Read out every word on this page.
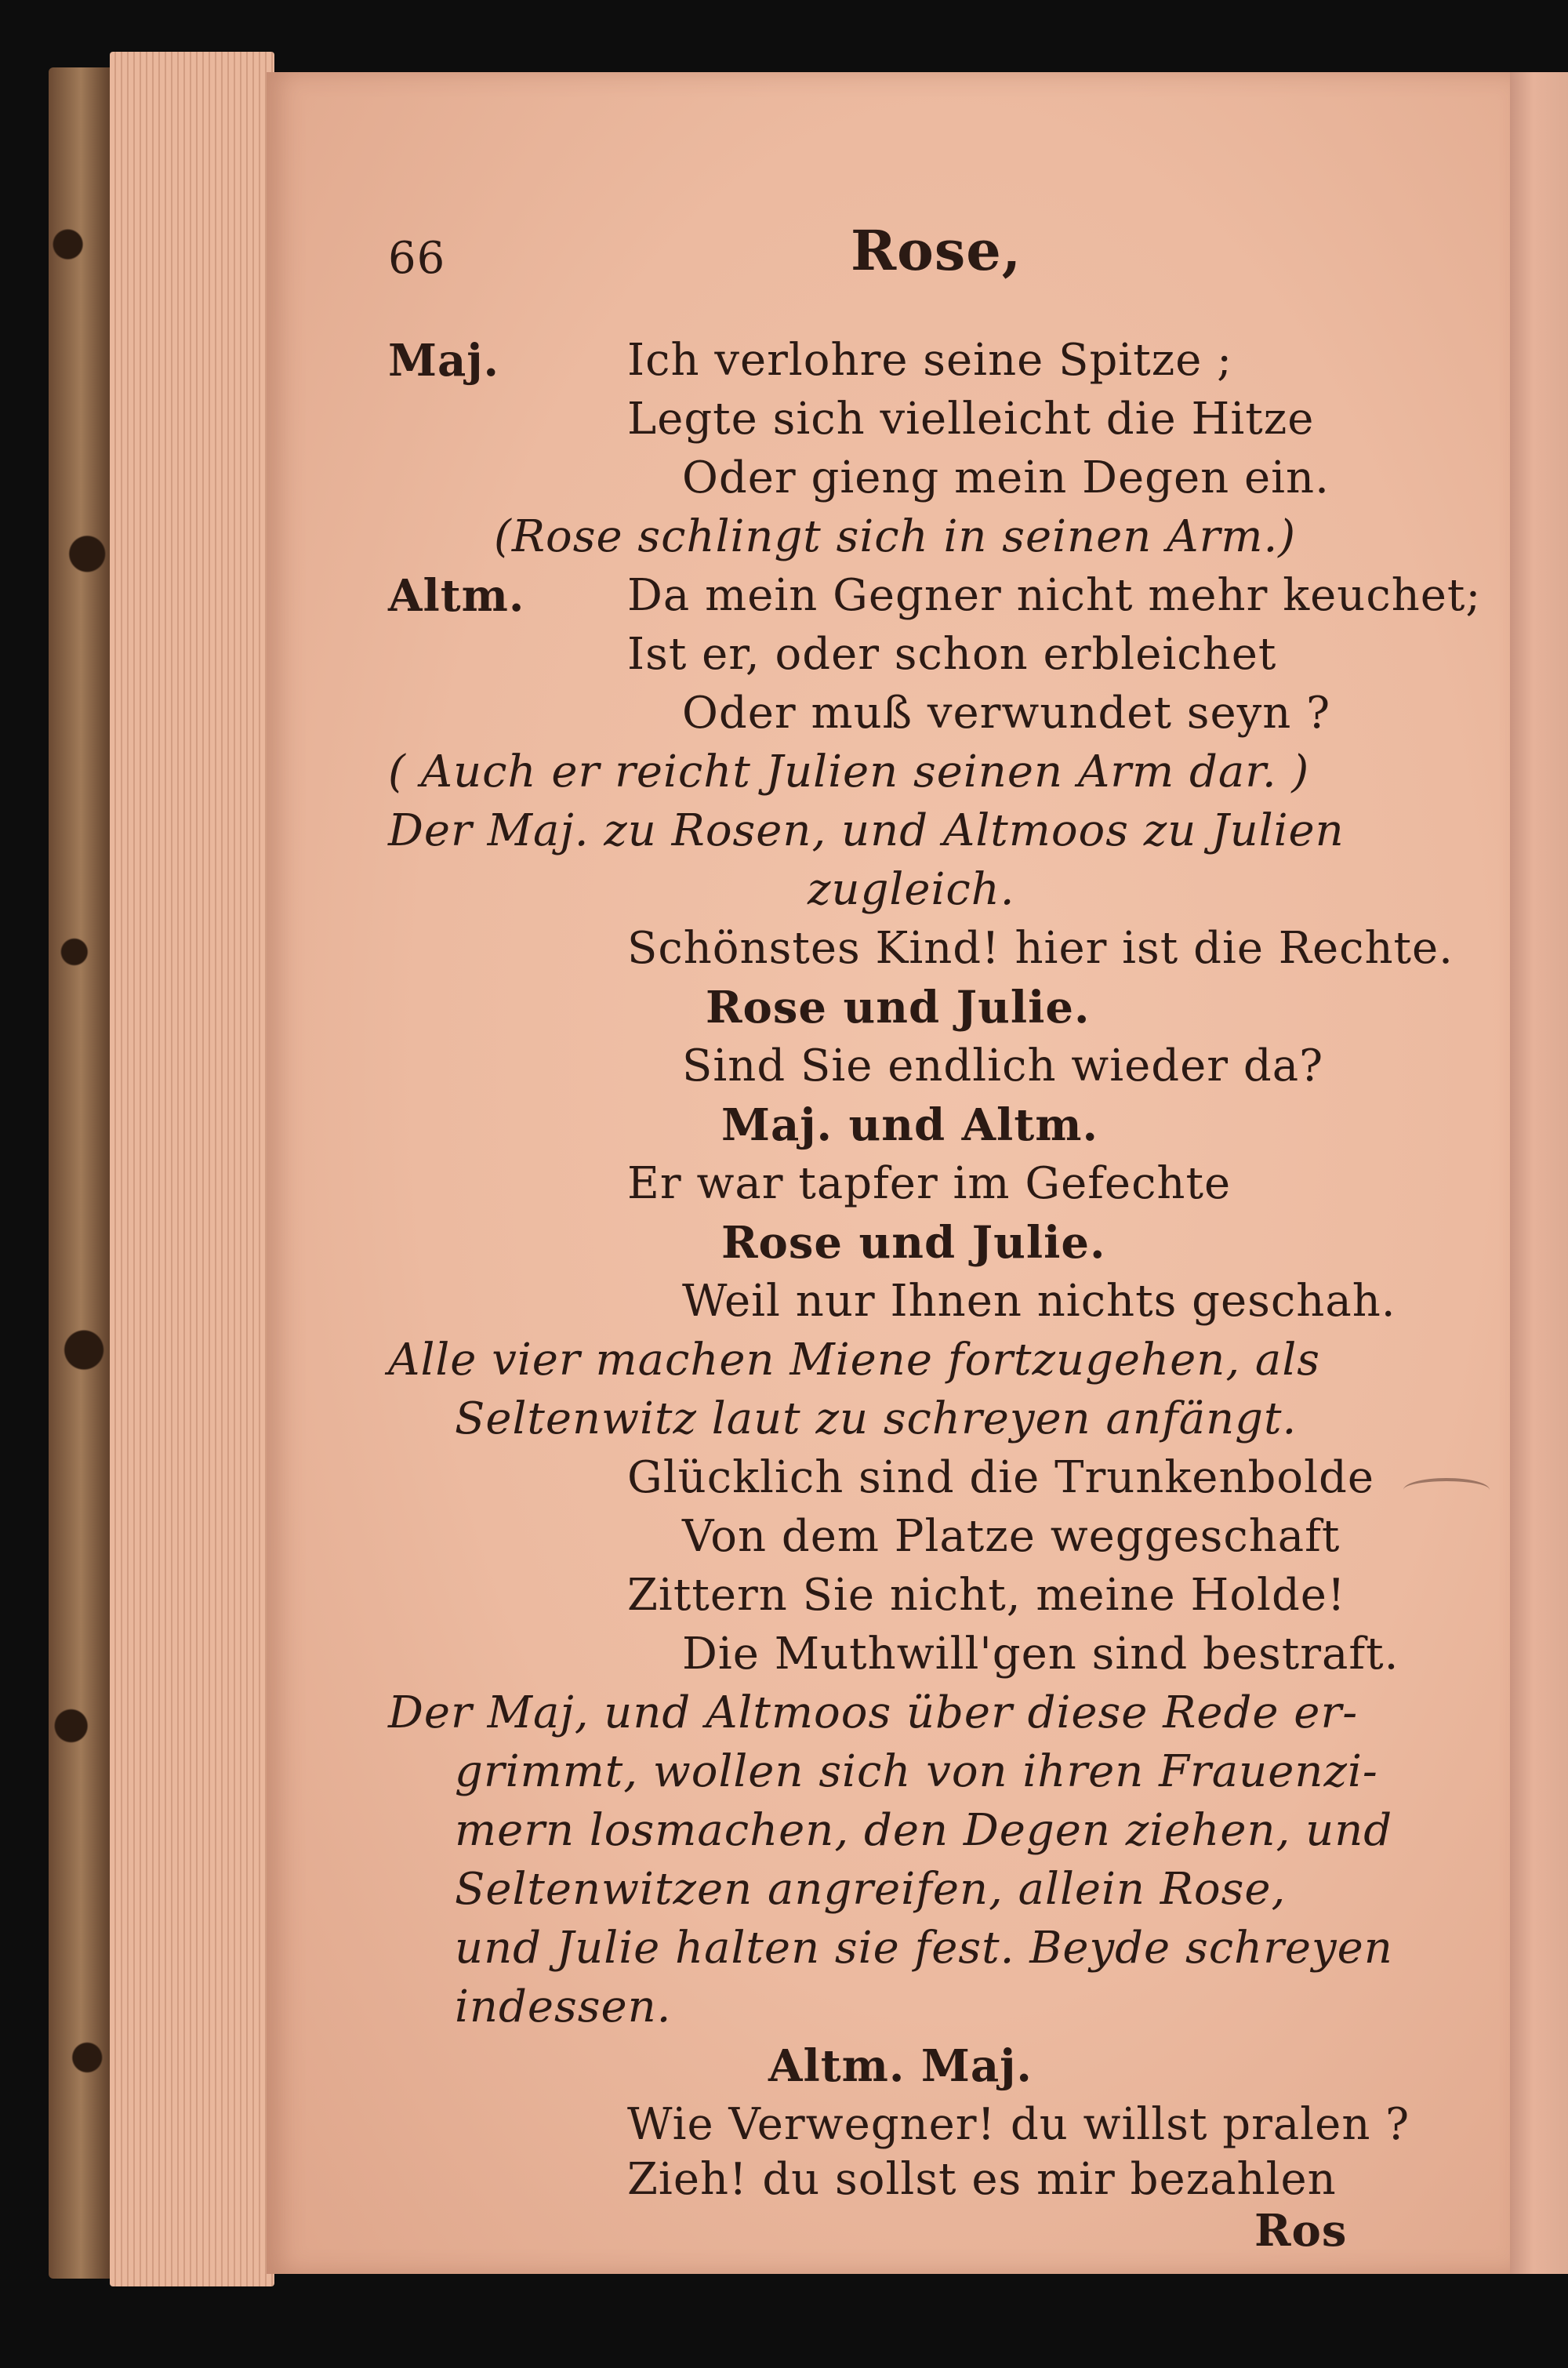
66	Rose,
Maj.	Ich verlohre seine Spitze ;
Legte sich vielleicht die Hitze
Oder gieng mein Degen ein.
(Rose schlingt sich in seinen Arm.)
Altm. Da mein Gegner nicht mehr keuchet;
Ist er, oder schon erbleichet
Oder muß verwundet seyn ?
( Auch er reicht Julien seinen Arm dar. )
Der Maj. zu Rosen, und Altmoos zu Julien
zugleich.
Schönstes Kind! hier ist die Rechte.
Rose und Julie.
Sind Sie endlich wieder da?
Maj. und Altm.
Er war tapfer im Gefechte
Rose und Julie.
Weil nur Ihnen nichts geschah.
Alle vier machen Miene fortzugehen, als
Seltenwitz laut zu schreyen anfängt.
Glücklich sind die Trunkenbolde
Von dem Platze weggeschaft
Zittern Sie nicht, meine Holde!
Die Muthwill'gen sind bestraft.
Der Maj, und Altmoos über diese Rede er-
grimmt, wollen sich von ihren Frauenzi-
mern losmachen, den Degen ziehen, und
Seltenwitzen angreifen, allein Rose,
und Julie halten sie fest. Beyde schreyen
indessen.
Altm. Maj.
Wie Verwegner! du willst pralen ?
Zieh! du sollst es mir bezahlen
Ros
